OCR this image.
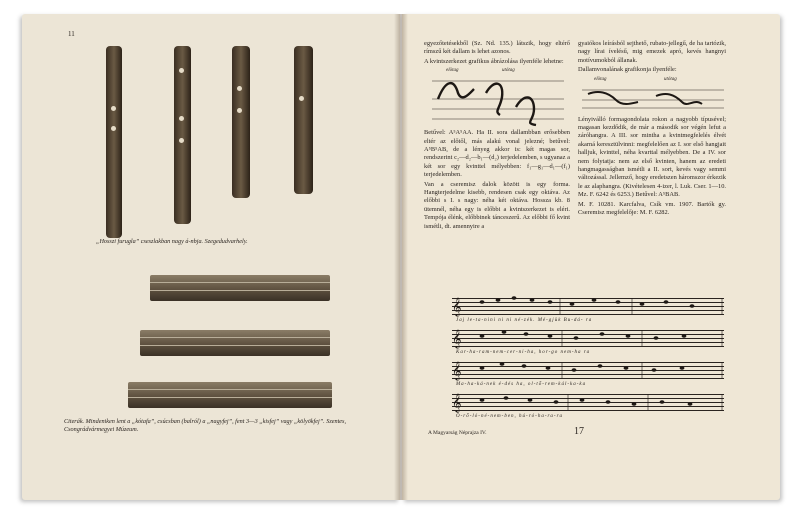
11
„Hosszi furugla” cseszlakban nagy á-nbja. Szegedudvarhely.
Citerák. Mindeniken lent a „kótafa”, csúcsban (balról) a „nagyfej”, fent 3—3 „kisfej” vagy „kölyökfej”. Szentes, Csongrádvármegyei Múzeum.

egyezőtetésekből (Sz. Nd. 135.) látszik, hogy eltérő rímszű két dallam is lehet azonos.

A kvintszerkezet grafikus ábrázolása ilyenféle lehetne:

elötag	utótag

Betűvel: A⁵A⁵AA. Ha II. sora dallambban erősebben eltér az előtől, más alakú vonal jelezné; betűvel: A⁵B⁵AB, de a lényeg akkor is: két magas sor, rendszerint c₂—d₂—b₁—(d₂) terjedelemben, s ugyanaz a két sor egy kvinttel mélyebben: f₁—g₁—d₁—(f₁) terjedelemben.

Van a cseremisz dalok között is egy forma. Hangterjedelme kisebb, rendesen csak egy oktáva. Az előbbi s I. s nagy: néha két oktáva. Hossza kb. 8 ütemnél, néha egy is előbbi a kvintszerkezet is eléri. Tempója élénk, előbbinek tánceszerű. Az előbbi fő kvint ismétli, dt. amennyire a

gyaiókos leírásból sejthető, rubato-jellegű, de ha tartózik, nagy lírai ívelésű, mig emezek apró, kevés hangnyi motívumokból állanak.

Dallamvonalának grafikonja ilyenféle:

elötag	utótag

Lényiválló formagondolata rokon a nagyobb típusével; magasan kezdődik, de már a második sor végén lefut a záróhangra. A III. sor mintha a kvintmegfelelés élvét akarná keresztülvinni: megfelelően az I. sor első hangjait halljuk, kvinttel, néha kvarttal mélyebben. De a IV. sor nem folytatja: nem az első kvinten, hanem az eredeti hangmagasságban ismétli a II. sort, kevés vagy semmi változással. Jellemző, hogy eredetszen háromszor érkezik le az alaphangra. (Kivételesen 4-izer, l. Luk. Cser. 1—10. Mz. F. 6242 és 6253.) Betűvel: A⁵BAB.

M. F. 10281. Karcfalva, Csík vm. 1907. Bartók gy. Cseremisz megfelelője: M. F. 6282.

Jaj le-ta-nini ni ni né-zék. Mé-gjük Bu-dá- ra
Kar-ha-ram-nem-cer-ni-ha, hor-go nem-ha ra
Ma-ha-ká-nek é-dés ha, ol-tő-rem-kál-ka-ka
Ö-rő-ló-né-nem-ben, hú-ró-ha-ra-ra
𝄞
𝄞
𝄞
𝄞
A Magyarság Néprajza IV.	17
